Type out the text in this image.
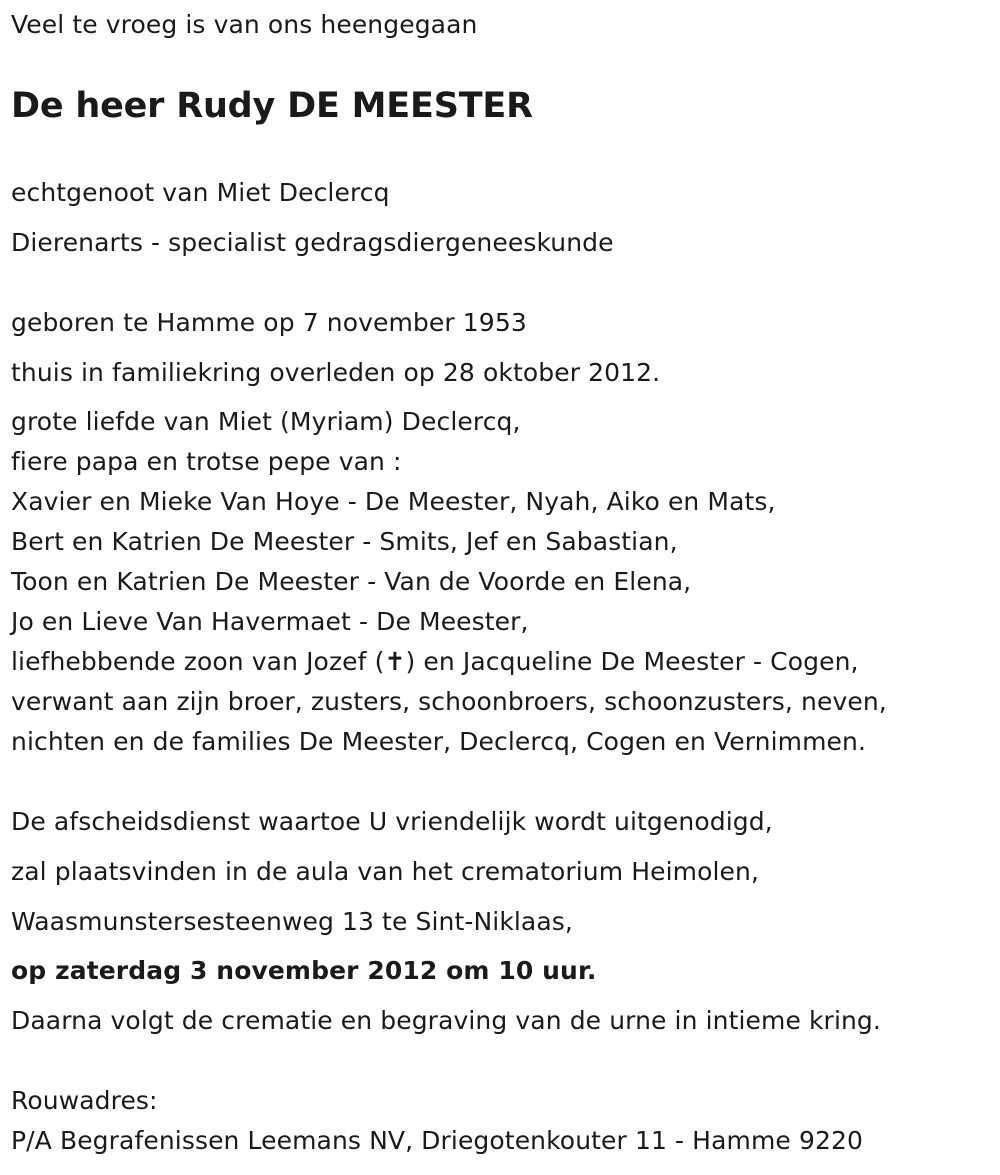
Veel te vroeg is van ons heengegaan
De heer Rudy DE MEESTER
echtgenoot van Miet Declercq
Dierenarts - specialist gedragsdiergeneeskunde
geboren te Hamme op 7 november 1953
thuis in familiekring overleden op 28 oktober 2012.
grote liefde van Miet (Myriam) Declercq,
fiere papa en trotse pepe van :
Xavier en Mieke Van Hoye - De Meester, Nyah, Aiko en Mats,
Bert en Katrien De Meester - Smits, Jef en Sabastian,
Toon en Katrien De Meester - Van de Voorde en Elena,
Jo en Lieve Van Havermaet - De Meester,
liefhebbende zoon van Jozef (✝) en Jacqueline De Meester - Cogen,
verwant aan zijn broer, zusters, schoonbroers, schoonzusters, neven,
nichten en de families De Meester, Declercq, Cogen en Vernimmen.
De afscheidsdienst waartoe U vriendelijk wordt uitgenodigd,
zal plaatsvinden in de aula van het crematorium Heimolen,
Waasmunstersesteenweg 13 te Sint-Niklaas,
op zaterdag 3 november 2012 om 10 uur.
Daarna volgt de crematie en begraving van de urne in intieme kring.
Rouwadres:
P/A Begrafenissen Leemans NV, Driegotenkouter 11 - Hamme 9220
